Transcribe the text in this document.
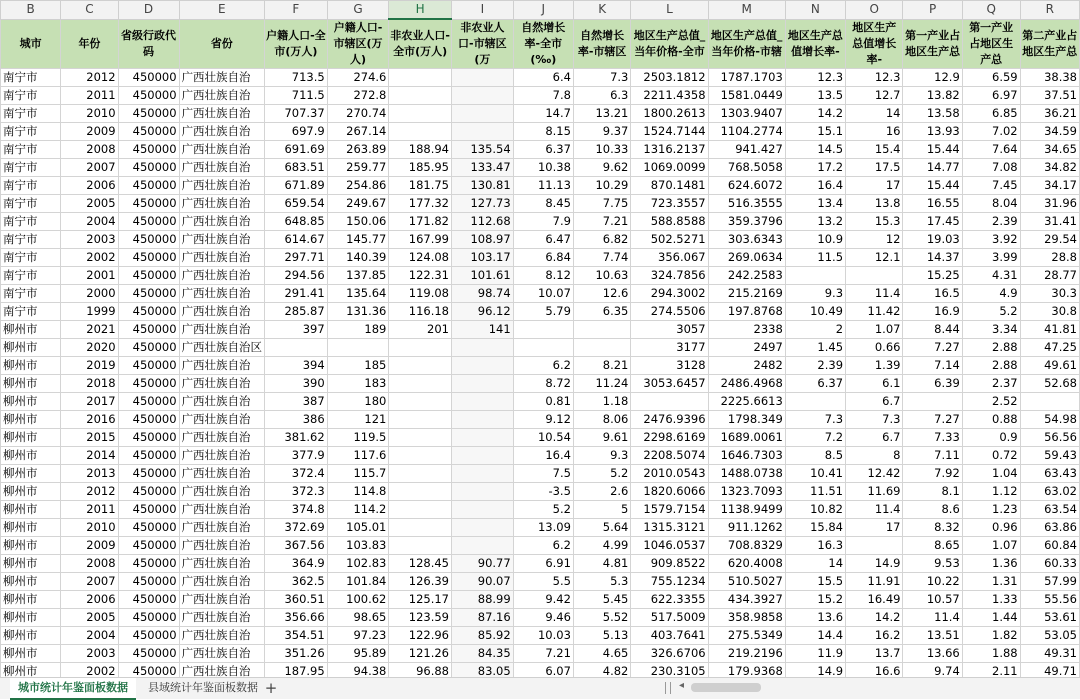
B	C	D	E	F	G	H	I	J	K	L	M	N	O	P	Q	R
城市	年份	省级行政代码	省份	户籍人口-全市(万人)	户籍人口-市辖区(万人)	非农业人口-全市(万人)	非农业人口-市辖区(万	自然增长率-全市(‰)	自然增长率-市辖区	地区生产总值_当年价格-全市	地区生产总值_当年价格-市辖	地区生产总值增长率-	地区生产总值增长率-	第一产业占地区生产总	第一产业占地区生产总	第二产业占地区生产总
南宁市	2012	450000	广西壮族自治	713.5	274.6			6.4	7.3	2503.1812	1787.1703	12.3	12.3	12.9	6.59	38.38
南宁市	2011	450000	广西壮族自治	711.5	272.8			7.8	6.3	2211.4358	1581.0449	13.5	12.7	13.82	6.97	37.51
南宁市	2010	450000	广西壮族自治	707.37	270.74			14.7	13.21	1800.2613	1303.9407	14.2	14	13.58	6.85	36.21
南宁市	2009	450000	广西壮族自治	697.9	267.14			8.15	9.37	1524.7144	1104.2774	15.1	16	13.93	7.02	34.59
南宁市	2008	450000	广西壮族自治	691.69	263.89	188.94	135.54	6.37	10.33	1316.2137	941.427	14.5	15.4	15.44	7.64	34.65
南宁市	2007	450000	广西壮族自治	683.51	259.77	185.95	133.47	10.38	9.62	1069.0099	768.5058	17.2	17.5	14.77	7.08	34.82
南宁市	2006	450000	广西壮族自治	671.89	254.86	181.75	130.81	11.13	10.29	870.1481	624.6072	16.4	17	15.44	7.45	34.17
南宁市	2005	450000	广西壮族自治	659.54	249.67	177.32	127.73	8.45	7.75	723.3557	516.3555	13.4	13.8	16.55	8.04	31.96
南宁市	2004	450000	广西壮族自治	648.85	150.06	171.82	112.68	7.9	7.21	588.8588	359.3796	13.2	15.3	17.45	2.39	31.41
南宁市	2003	450000	广西壮族自治	614.67	145.77	167.99	108.97	6.47	6.82	502.5271	303.6343	10.9	12	19.03	3.92	29.54
南宁市	2002	450000	广西壮族自治	297.71	140.39	124.08	103.17	6.84	7.74	356.067	269.0634	11.5	12.1	14.37	3.99	28.8
南宁市	2001	450000	广西壮族自治	294.56	137.85	122.31	101.61	8.12	10.63	324.7856	242.2583			15.25	4.31	28.77
南宁市	2000	450000	广西壮族自治	291.41	135.64	119.08	98.74	10.07	12.6	294.3002	215.2169	9.3	11.4	16.5	4.9	30.3
南宁市	1999	450000	广西壮族自治	285.87	131.36	116.18	96.12	5.79	6.35	274.5506	197.8768	10.49	11.42	16.9	5.2	30.8
柳州市	2021	450000	广西壮族自治	397	189	201	141			3057	2338	2	1.07	8.44	3.34	41.81
柳州市	2020	450000	广西壮族自治区							3177	2497	1.45	0.66	7.27	2.88	47.25
柳州市	2019	450000	广西壮族自治	394	185			6.2	8.21	3128	2482	2.39	1.39	7.14	2.88	49.61
柳州市	2018	450000	广西壮族自治	390	183			8.72	11.24	3053.6457	2486.4968	6.37	6.1	6.39	2.37	52.68
柳州市	2017	450000	广西壮族自治	387	180			0.81	1.18		2225.6613		6.7		2.52	
柳州市	2016	450000	广西壮族自治	386	121			9.12	8.06	2476.9396	1798.349	7.3	7.3	7.27	0.88	54.98
柳州市	2015	450000	广西壮族自治	381.62	119.5			10.54	9.61	2298.6169	1689.0061	7.2	6.7	7.33	0.9	56.56
柳州市	2014	450000	广西壮族自治	377.9	117.6			16.4	9.3	2208.5074	1646.7303	8.5	8	7.11	0.72	59.43
柳州市	2013	450000	广西壮族自治	372.4	115.7			7.5	5.2	2010.0543	1488.0738	10.41	12.42	7.92	1.04	63.43
柳州市	2012	450000	广西壮族自治	372.3	114.8			-3.5	2.6	1820.6066	1323.7093	11.51	11.69	8.1	1.12	63.02
柳州市	2011	450000	广西壮族自治	374.8	114.2			5.2	5	1579.7154	1138.9499	10.82	11.4	8.6	1.23	63.54
柳州市	2010	450000	广西壮族自治	372.69	105.01			13.09	5.64	1315.3121	911.1262	15.84	17	8.32	0.96	63.86
柳州市	2009	450000	广西壮族自治	367.56	103.83			6.2	4.99	1046.0537	708.8329	16.3		8.65	1.07	60.84
柳州市	2008	450000	广西壮族自治	364.9	102.83	128.45	90.77	6.91	4.81	909.8522	620.4008	14	14.9	9.53	1.36	60.33
柳州市	2007	450000	广西壮族自治	362.5	101.84	126.39	90.07	5.5	5.3	755.1234	510.5027	15.5	11.91	10.22	1.31	57.99
柳州市	2006	450000	广西壮族自治	360.51	100.62	125.17	88.99	9.42	5.45	622.3355	434.3927	15.2	16.49	10.57	1.33	55.56
柳州市	2005	450000	广西壮族自治	356.66	98.65	123.59	87.16	9.46	5.52	517.5009	358.9858	13.6	14.2	11.4	1.44	53.61
柳州市	2004	450000	广西壮族自治	354.51	97.23	122.96	85.92	10.03	5.13	403.7641	275.5349	14.4	16.2	13.51	1.82	53.05
柳州市	2003	450000	广西壮族自治	351.26	95.89	121.26	84.35	7.21	4.65	326.6706	219.2196	11.9	13.7	13.66	1.88	49.31
柳州市	2002	450000	广西壮族自治	187.95	94.38	96.88	83.05	6.07	4.82	230.3105	179.9368	14.9	16.6	9.74	2.11	49.71
城市统计年鉴面板数据	县域统计年鉴面板数据 +	◂
